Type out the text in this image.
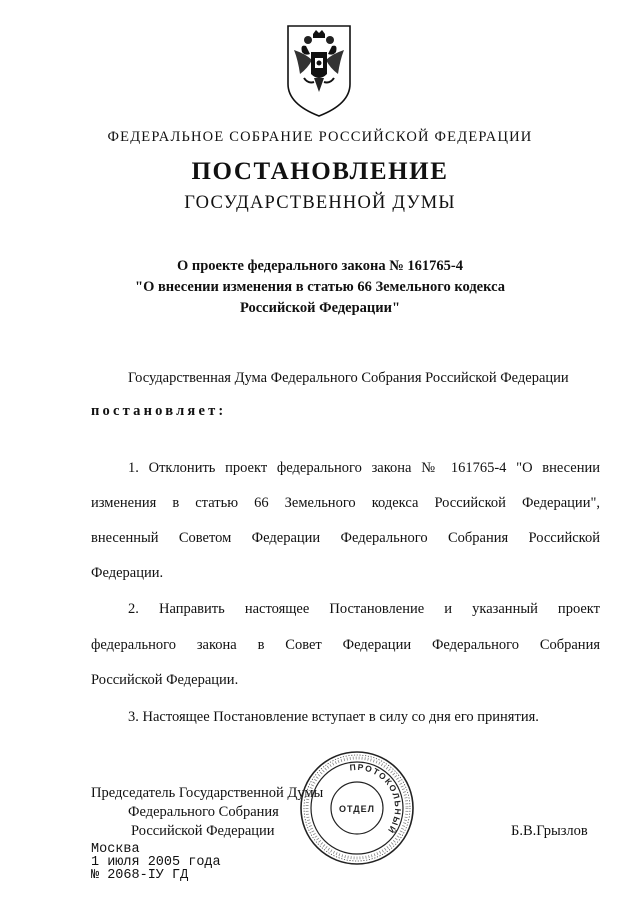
ФЕДЕРАЛЬНОЕ СОБРАНИЕ РОССИЙСКОЙ ФЕДЕРАЦИИ
ПОСТАНОВЛЕНИЕ
ГОСУДАРСТВЕННОЙ ДУМЫ
О проекте федерального закона № 161765-4
"О внесении изменения в статью 66 Земельного кодекса
Российской Федерации"
Государственная Дума Федерального Собрания Российской Федерации
постановляет:
1. Отклонить проект федерального закона № 161765-4 "О внесении
изменения в статью 66 Земельного кодекса Российской Федерации",
внесенный Советом Федерации Федерального Собрания Российской
Федерации.
2. Направить настоящее Постановление и указанный проект
федерального закона в Совет Федерации Федерального Собрания
Российской Федерации.
3. Настоящее Постановление вступает в силу со дня его принятия.
Председатель Государственной Думы
Федерального Собрания
Российской Федерации	Б.В.Грызлов
Москва
1 июля 2005 года
№ 2068-IУ ГД
ПРОТОКОЛЬНЫЙ
ОТДЕЛ
